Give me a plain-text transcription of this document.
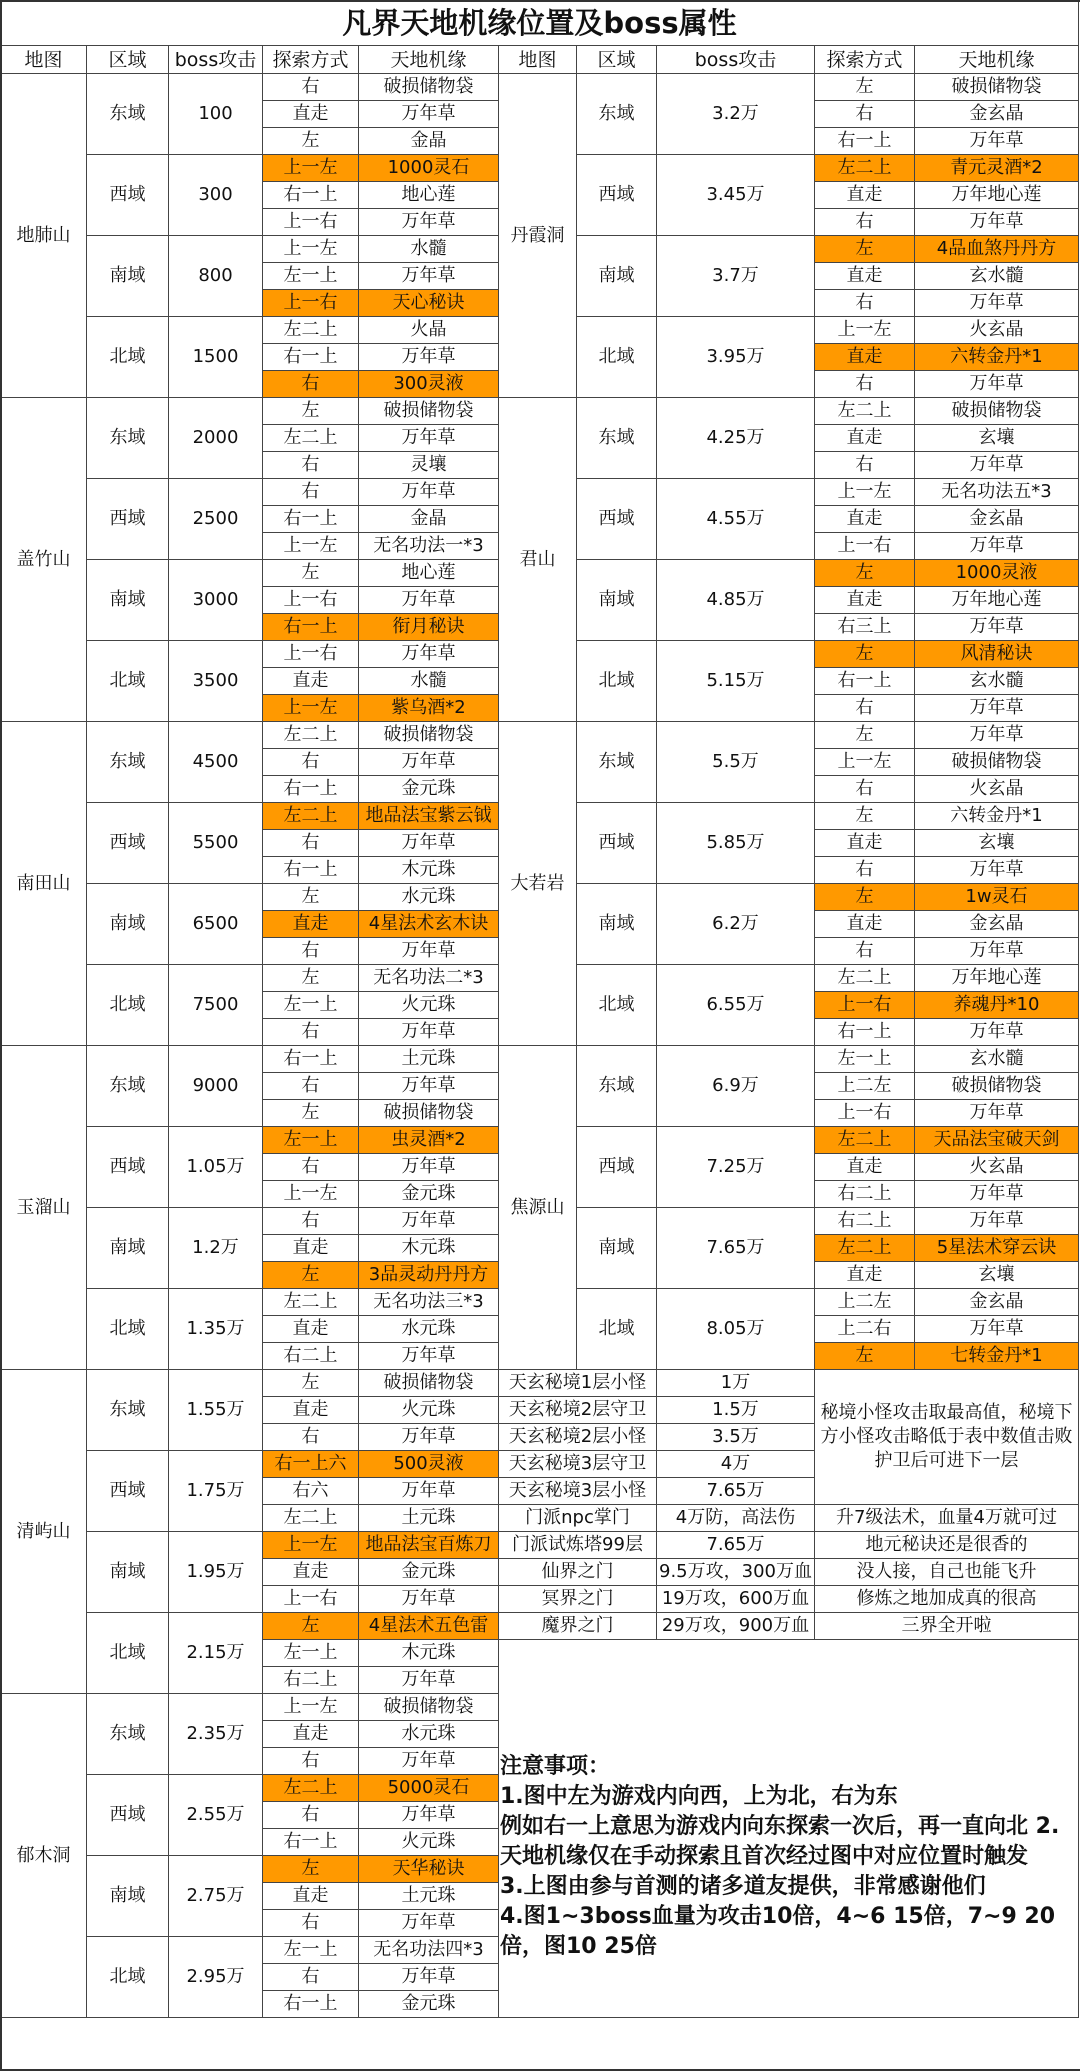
凡界天地机缘位置及boss属性									
地图	区域	boss攻击	探索方式	天地机缘	地图	区域	boss攻击	探索方式	天地机缘
地肺山	东域	100	右	破损储物袋	丹霞洞	东域	3.2万	左	破损储物袋
			直走	万年草				右	金玄晶
			左	金晶				右一上	万年草
	西域	300	上一左	1000灵石		西域	3.45万	左二上	青元灵酒*2
			右一上	地心莲				直走	万年地心莲
			上一右	万年草				右	万年草
	南域	800	上一左	水髓		南域	3.7万	左	4品血煞丹丹方
			左一上	万年草				直走	玄水髓
			上一右	天心秘诀				右	万年草
	北域	1500	左二上	火晶		北域	3.95万	上一左	火玄晶
			右一上	万年草				直走	六转金丹*1
			右	300灵液				右	万年草
盖竹山	东域	2000	左	破损储物袋	君山	东域	4.25万	左二上	破损储物袋
			左二上	万年草				直走	玄壤
			右	灵壤				右	万年草
	西域	2500	右	万年草		西域	4.55万	上一左	无名功法五*3
			右一上	金晶				直走	金玄晶
			上一左	无名功法一*3				上一右	万年草
	南域	3000	左	地心莲		南域	4.85万	左	1000灵液
			上一右	万年草				直走	万年地心莲
			右一上	衔月秘诀				右三上	万年草
	北域	3500	上一右	万年草		北域	5.15万	左	风清秘诀
			直走	水髓				右一上	玄水髓
			上一左	紫乌酒*2				右	万年草
南田山	东域	4500	左二上	破损储物袋	大若岩	东域	5.5万	左	万年草
			右	万年草				上一左	破损储物袋
			右一上	金元珠				右	火玄晶
	西域	5500	左二上	地品法宝紫云钺		西域	5.85万	左	六转金丹*1
			右	万年草				直走	玄壤
			右一上	木元珠				右	万年草
	南域	6500	左	水元珠		南域	6.2万	左	1w灵石
			直走	4星法术玄木诀				直走	金玄晶
			右	万年草				右	万年草
	北域	7500	左	无名功法二*3		北域	6.55万	左二上	万年地心莲
			左一上	火元珠				上一右	养魂丹*10
			右	万年草				右一上	万年草
玉溜山	东域	9000	右一上	土元珠	焦源山	东域	6.9万	左一上	玄水髓
			右	万年草				上二左	破损储物袋
			左	破损储物袋				上一右	万年草
	西域	1.05万	左一上	虫灵酒*2		西域	7.25万	左二上	天品法宝破天剑
			右	万年草				直走	火玄晶
			上一左	金元珠				右二上	万年草
	南域	1.2万	右	万年草		南域	7.65万	右二上	万年草
			直走	木元珠				左二上	5星法术穿云诀
			左	3品灵动丹丹方				直走	玄壤
	北域	1.35万	左二上	无名功法三*3		北域	8.05万	上二左	金玄晶
			直走	水元珠				上二右	万年草
			右二上	万年草				左	七转金丹*1
清屿山	东域	1.55万	左	破损储物袋	天玄秘境1层小怪		1万	秘境小怪攻击取最高值，秘境下方小怪攻击略低于表中数值击败护卫后可进下一层	
			直走	火元珠	天玄秘境2层守卫		1.5万		
			右	万年草	天玄秘境2层小怪		3.5万		
	西域	1.75万	右一上六	500灵液	天玄秘境3层守卫		4万		
			右六	万年草	天玄秘境3层小怪		7.65万		
			左二上	土元珠	门派npc掌门		4万防，高法伤	升7级法术，血量4万就可过	
	南域	1.95万	上一左	地品法宝百炼刀	门派试炼塔99层		7.65万	地元秘诀还是很香的	
			直走	金元珠	仙界之门		9.5万攻，300万血	没人接，自己也能飞升	
			上一右	万年草	冥界之门		19万攻，600万血	修炼之地加成真的很高	
	北域	2.15万	左	4星法术五色雷	魔界之门		29万攻，900万血	三界全开啦	
			左一上	木元珠					
			右二上	万年草					
郁木洞	东域	2.35万	上一左	破损储物袋					
			直走	水元珠					
			右	万年草					
	西域	2.55万	左二上	5000灵石					
			右	万年草					
			右一上	火元珠					
	南域	2.75万	左	天华秘诀					
			直走	土元珠					
			右	万年草					
	北域	2.95万	左一上	无名功法四*3					
			右	万年草					
			右一上	金元珠					
注意事项：
1.图中左为游戏内向西，上为北，右为东
例如右一上意思为游戏内向东探索一次后，再一直向北 2.天地机缘仅在手动探索且首次经过图中对应位置时触发
3.上图由参与首测的诸多道友提供，非常感谢他们
4.图1~3boss血量为攻击10倍，4~6 15倍，7~9 20倍，图10 25倍
